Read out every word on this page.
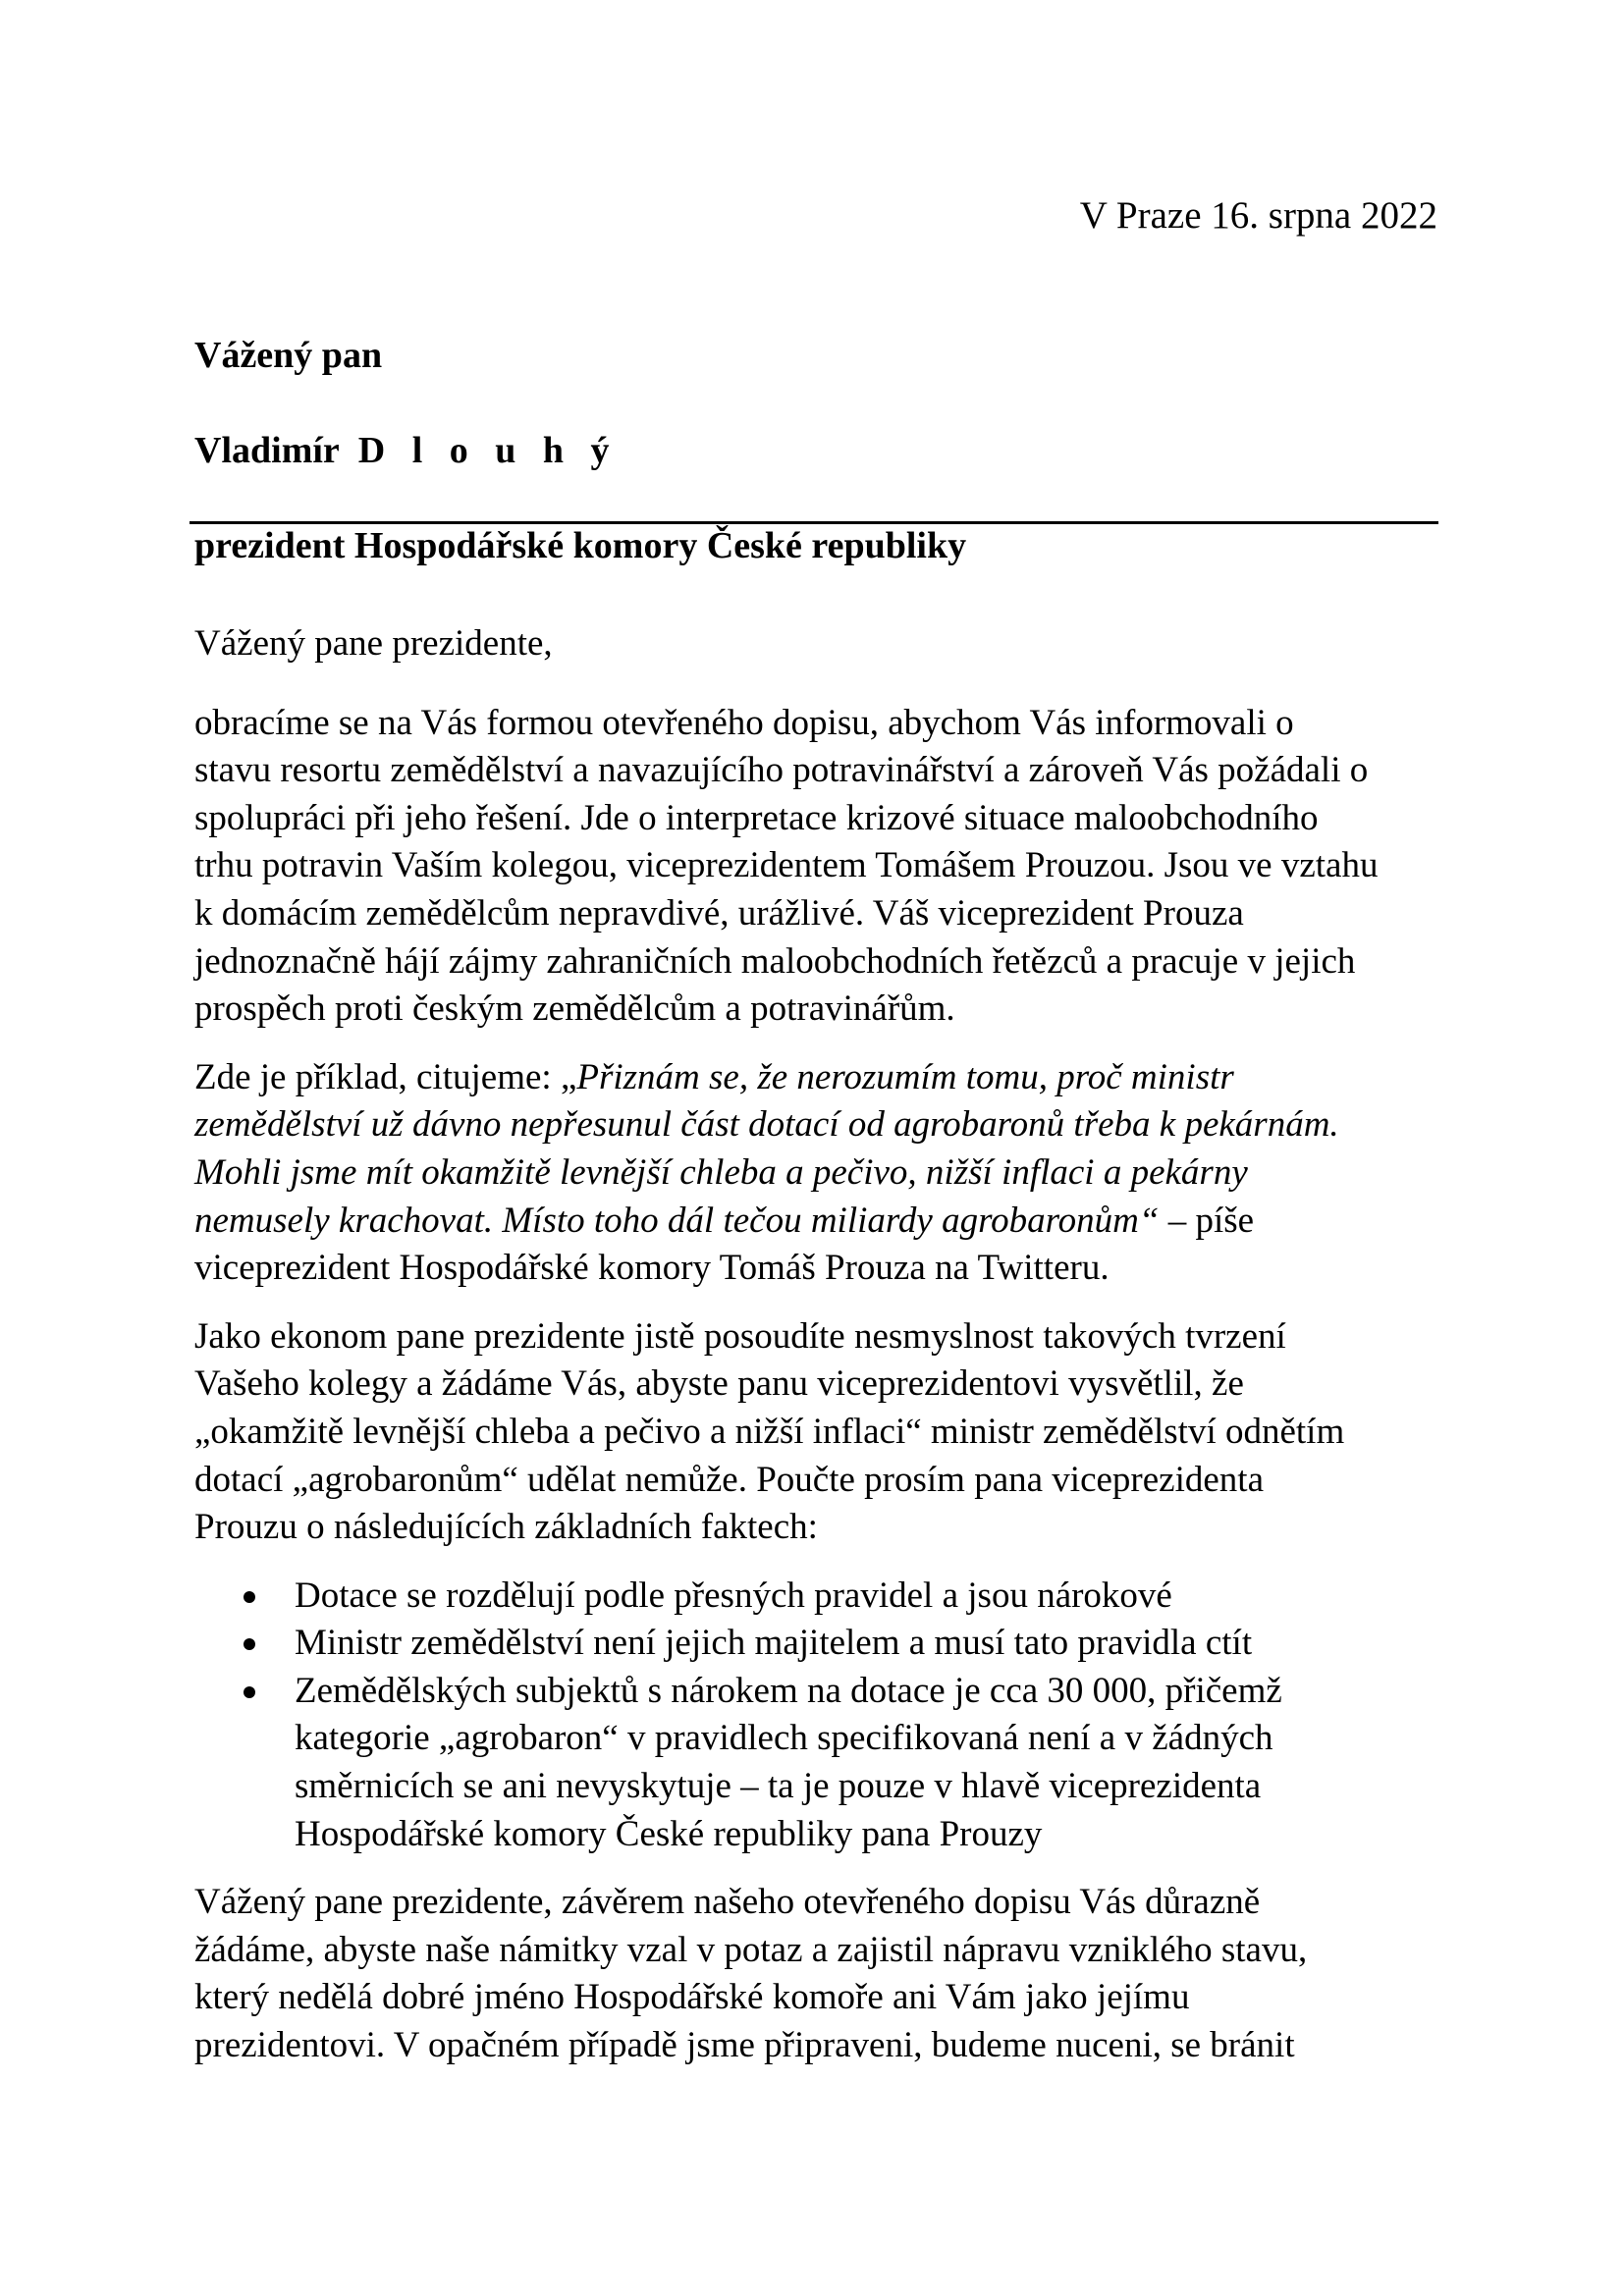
V Praze 16. srpna 2022
Vážený pan
Vladimír D l o u h ý
prezident Hospodářské komory České republiky

Vážený pane prezidente,

obracíme se na Vás formou otevřeného dopisu, abychom Vás informovali o
stavu resortu zemědělství a navazujícího potravinářství a zároveň Vás požádali o
spolupráci při jeho řešení. Jde o interpretace krizové situace maloobchodního
trhu potravin Vaším kolegou, viceprezidentem Tomášem Prouzou. Jsou ve vztahu
k domácím zemědělcům nepravdivé, urážlivé. Váš viceprezident Prouza
jednoznačně hájí zájmy zahraničních maloobchodních řetězců a pracuje v jejich
prospěch proti českým zemědělcům a potravinářům.

Zde je příklad, citujeme: „Přiznám se, že nerozumím tomu, proč ministr
zemědělství už dávno nepřesunul část dotací od agrobaronů třeba k pekárnám.
Mohli jsme mít okamžitě levnější chleba a pečivo, nižší inflaci a pekárny
nemusely krachovat. Místo toho dál tečou miliardy agrobaronům“ – píše
viceprezident Hospodářské komory Tomáš Prouza na Twitteru.

Jako ekonom pane prezidente jistě posoudíte nesmyslnost takových tvrzení
Vašeho kolegy a žádáme Vás, abyste panu viceprezidentovi vysvětlil, že
„okamžitě levnější chleba a pečivo a nižší inflaci“ ministr zemědělství odnětím
dotací „agrobaronům“ udělat nemůže. Poučte prosím pana viceprezidenta
Prouzu o následujících základních faktech:

Dotace se rozdělují podle přesných pravidel a jsou nárokové
Ministr zemědělství není jejich majitelem a musí tato pravidla ctít
Zemědělských subjektů s nárokem na dotace je cca 30 000, přičemž
kategorie „agrobaron“ v pravidlech specifikovaná není a v žádných
směrnicích se ani nevyskytuje – ta je pouze v hlavě viceprezidenta
Hospodářské komory České republiky pana Prouzy

Vážený pane prezidente, závěrem našeho otevřeného dopisu Vás důrazně
žádáme, abyste naše námitky vzal v potaz a zajistil nápravu vzniklého stavu,
který nedělá dobré jméno Hospodářské komoře ani Vám jako jejímu
prezidentovi. V opačném případě jsme připraveni, budeme nuceni, se bránit
